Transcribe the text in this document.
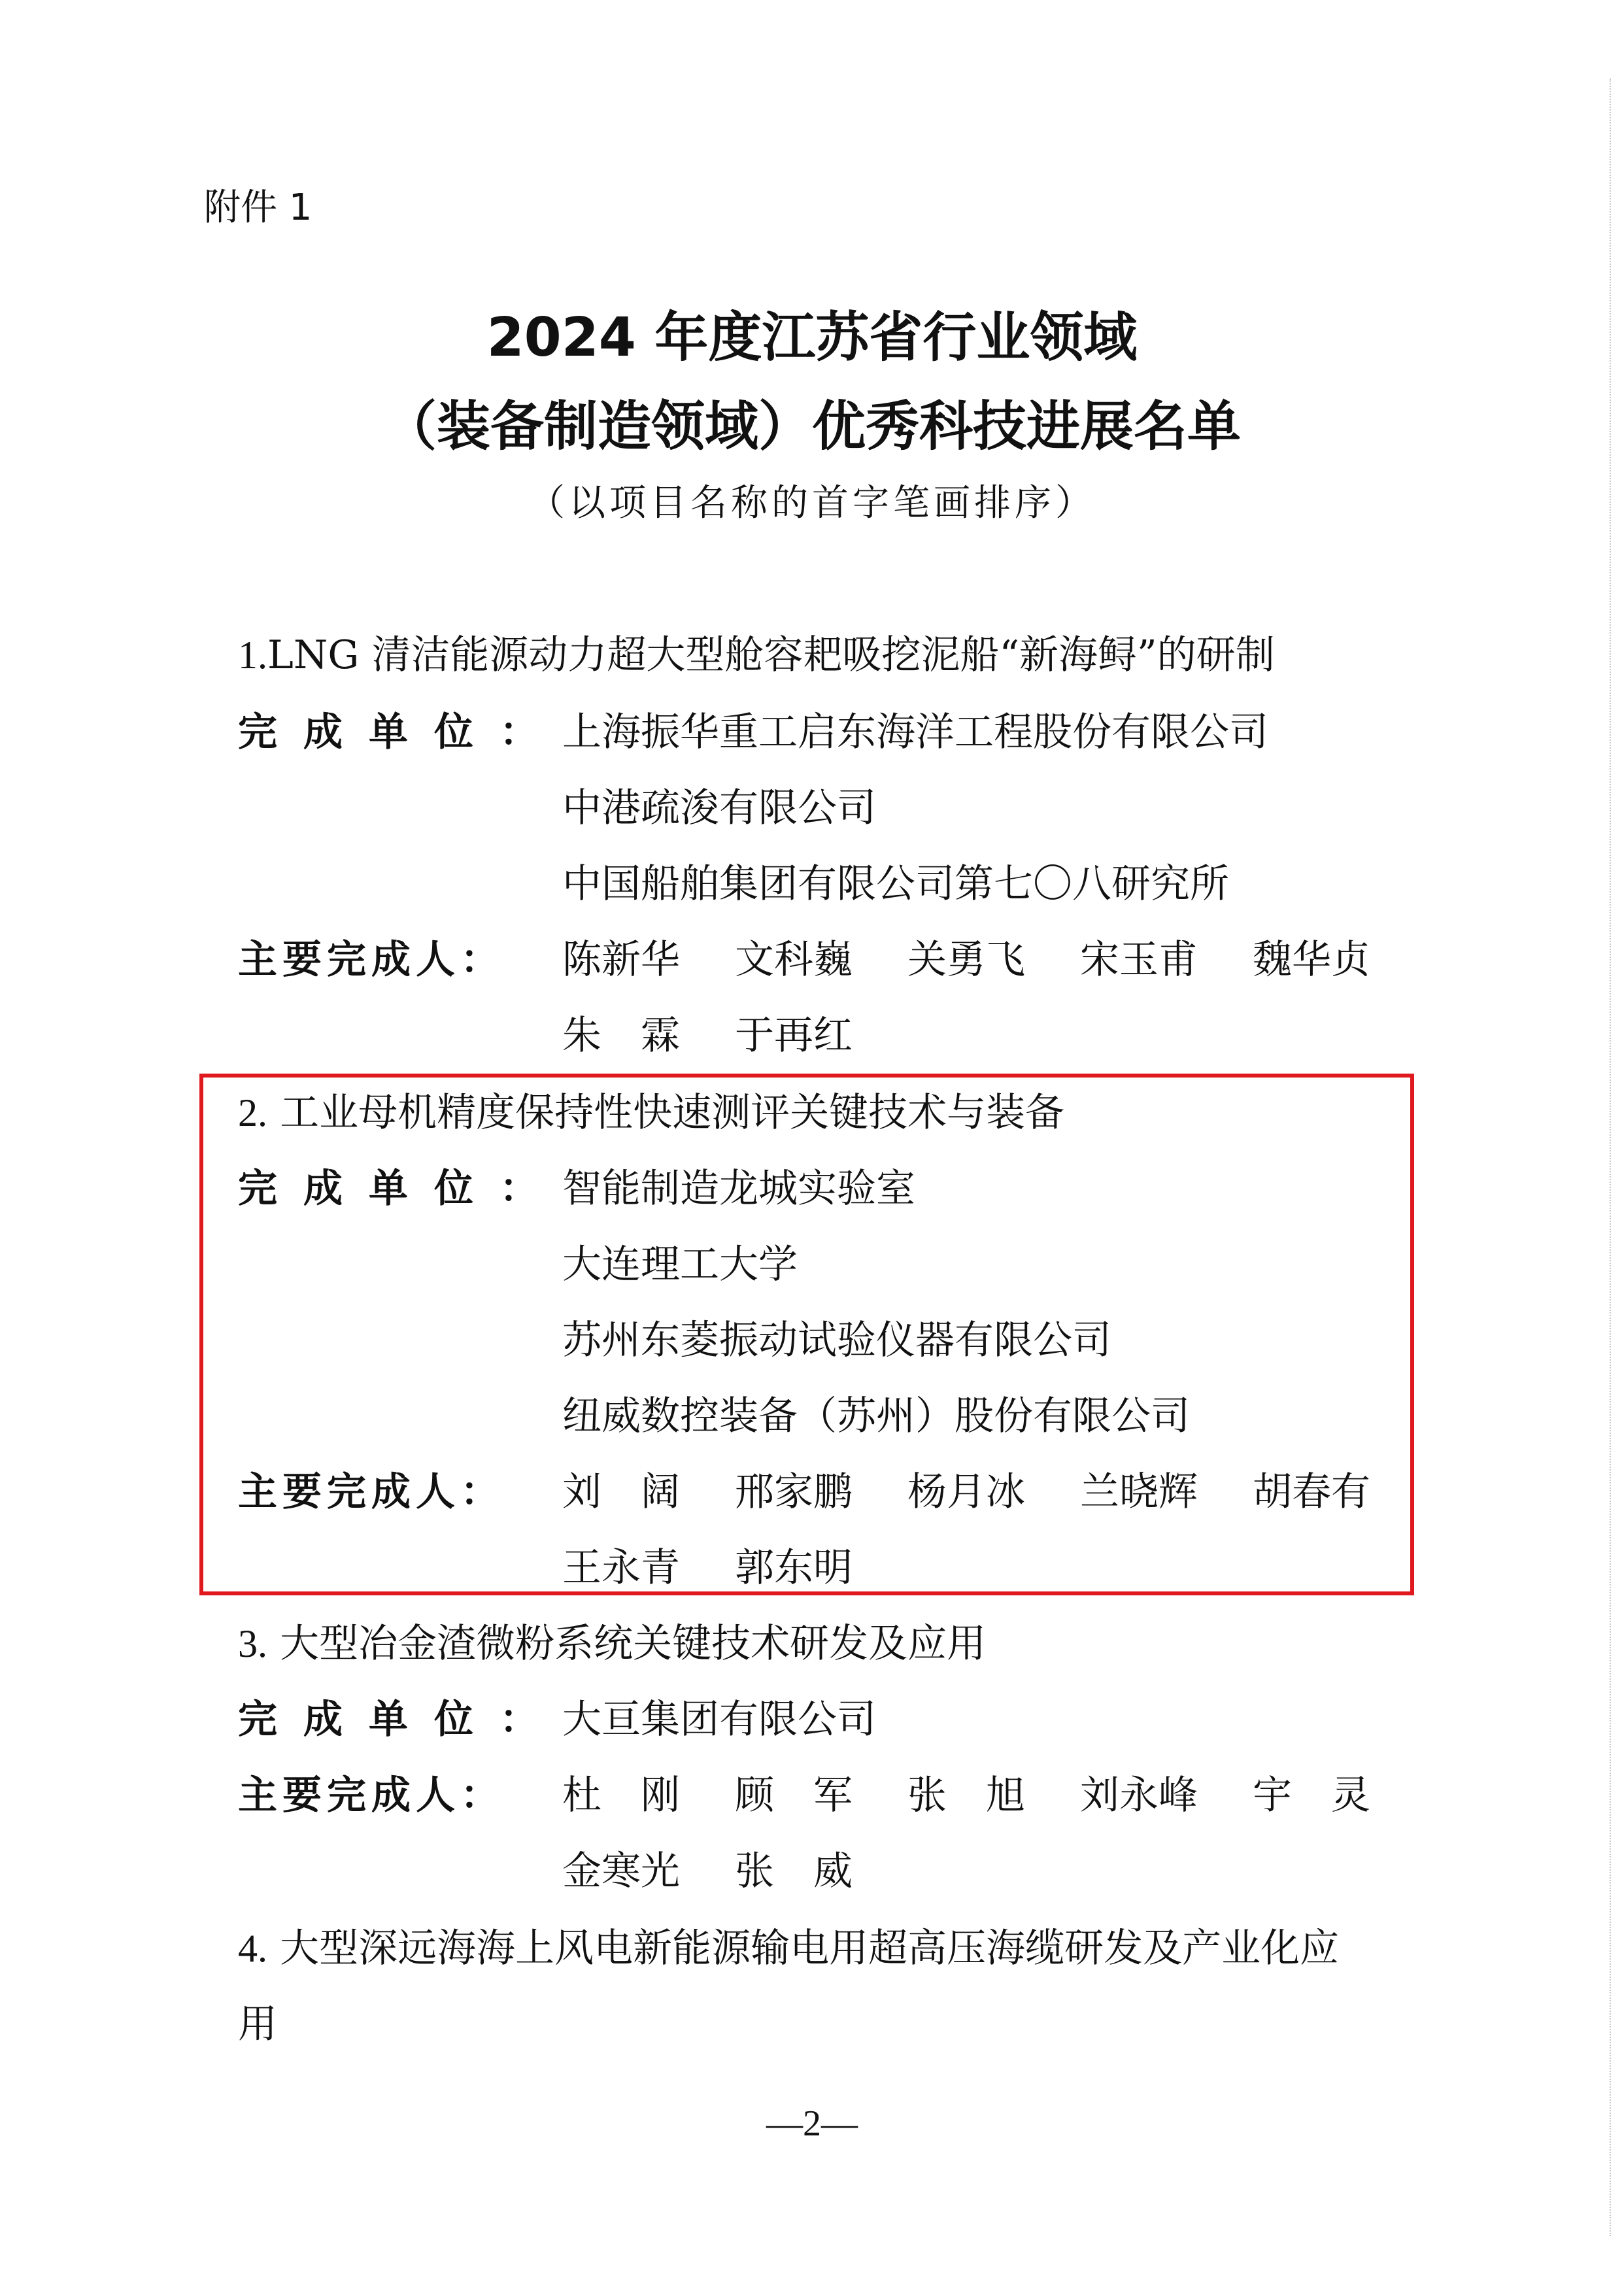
附件 1
2024 年度江苏省行业领域
（装备制造领域）优秀科技进展名单
（以项目名称的首字笔画排序）
1.LNG 清洁能源动力超大型舱容耙吸挖泥船“新海鲟”的研制
完成单位：
上海振华重工启东海洋工程股份有限公司
中港疏浚有限公司
中国船舶集团有限公司第七〇八研究所
主要完成人：	陈新华 文科巍 关勇飞 宋玉甫 魏华贞
朱　霖 于再红
2. 工业母机精度保持性快速测评关键技术与装备
完成单位：
智能制造龙城实验室
大连理工大学
苏州东菱振动试验仪器有限公司
纽威数控装备（苏州）股份有限公司
主要完成人：	刘　阔 邢家鹏 杨月冰 兰晓辉 胡春有
王永青 郭东明
3. 大型冶金渣微粉系统关键技术研发及应用
完成单位：
大亘集团有限公司
主要完成人：	杜　刚 顾　军 张　旭 刘永峰 宇　灵
金寒光 张　威
4. 大型深远海海上风电新能源输电用超高压海缆研发及产业化应
用
—2—
